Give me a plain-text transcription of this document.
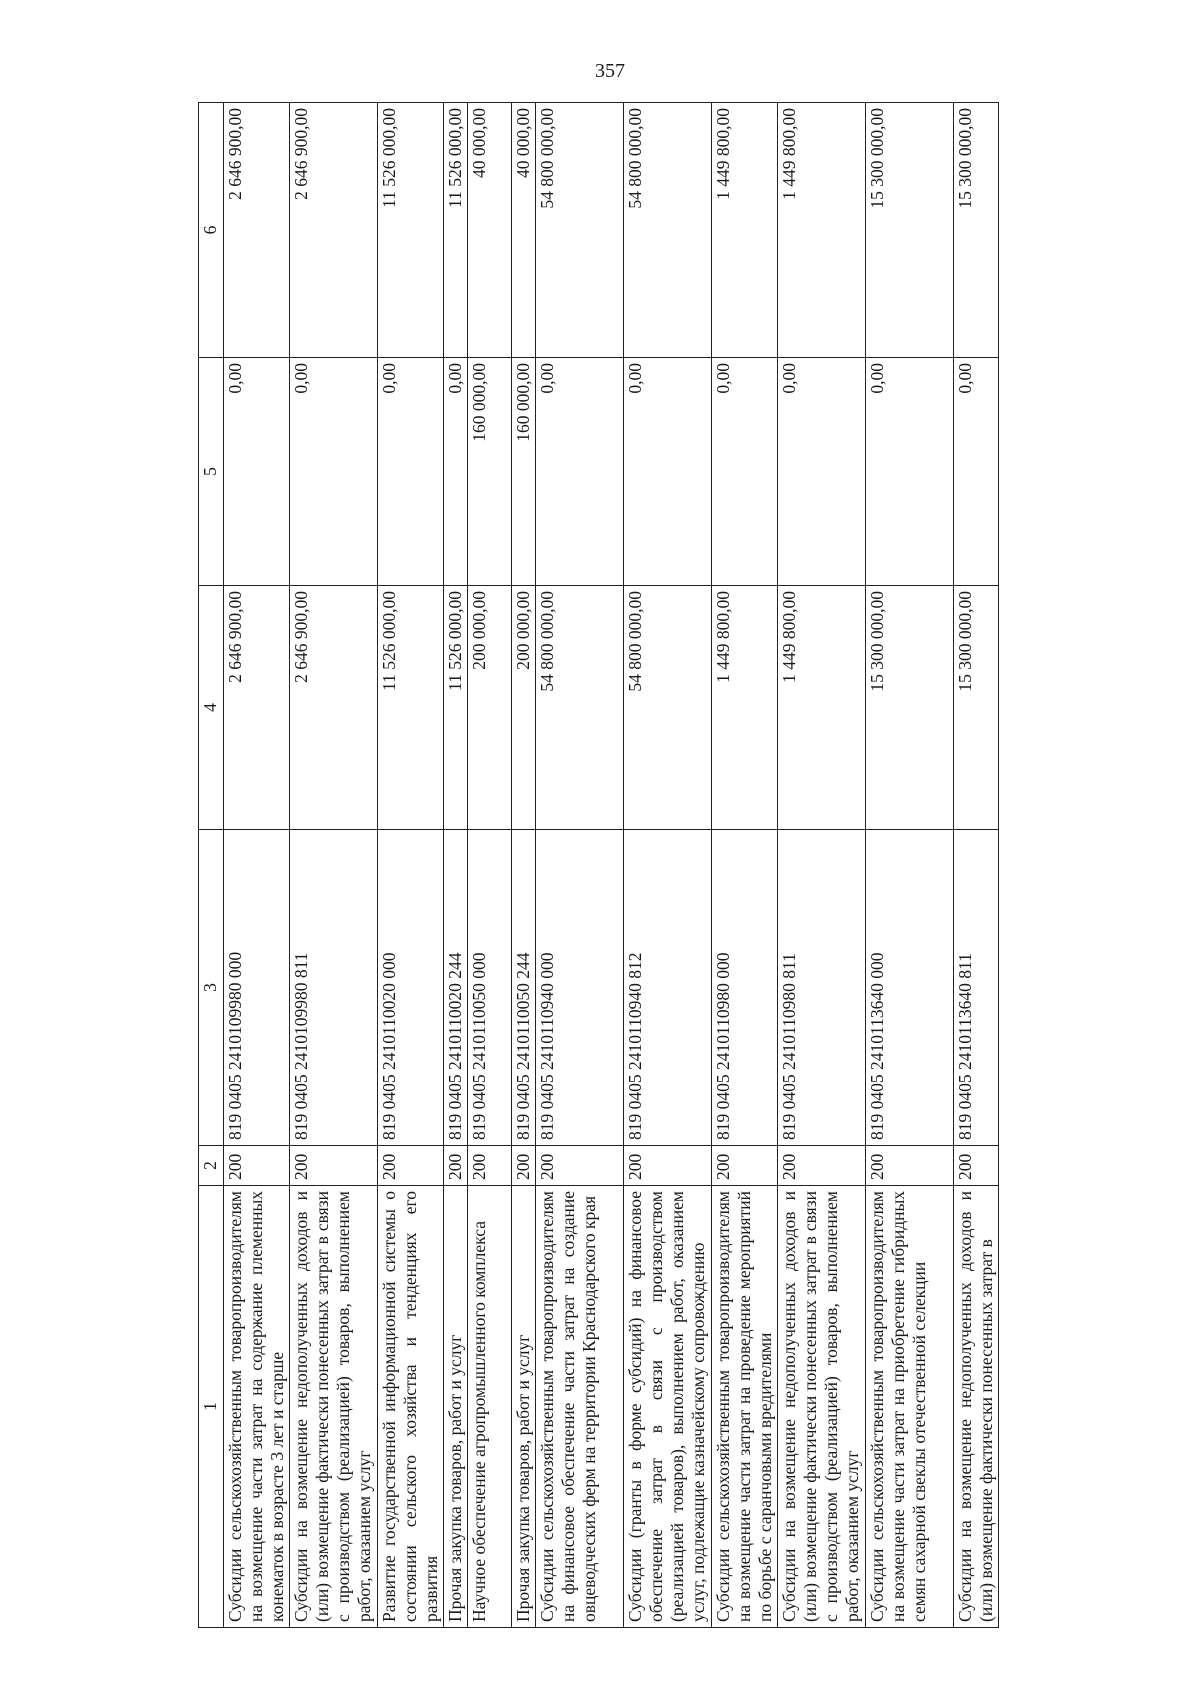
357
1	2	3	4	5	6
Субсидии сельскохозяйственным товаропроизводителям на возмещение части затрат на содержание племенных конематок в возрасте 3 лет и старше	200	819 0405 2410109980 000	2 646 900,00	0,00	2 646 900,00
Субсидии на возмещение недополученных доходов и (или) возмещение фактически понесенных затрат в связи с производством (реализацией) товаров, выполнением работ, оказанием услуг	200	819 0405 2410109980 811	2 646 900,00	0,00	2 646 900,00
Развитие государственной информационной системы о состоянии сельского хозяйства и тенденциях его развития	200	819 0405 2410110020 000	11 526 000,00	0,00	11 526 000,00
Прочая закупка товаров, работ и услуг	200	819 0405 2410110020 244	11 526 000,00	0,00	11 526 000,00
Научное обеспечение агропромышленного комплекса	200	819 0405 2410110050 000	200 000,00	160 000,00	40 000,00
Прочая закупка товаров, работ и услуг	200	819 0405 2410110050 244	200 000,00	160 000,00	40 000,00
Субсидии сельскохозяйственным товаропроизводителям на финансовое обеспечение части затрат на создание овцеводческих ферм на территории Краснодарского края	200	819 0405 2410110940 000	54 800 000,00	0,00	54 800 000,00
Субсидии (гранты в форме субсидий) на финансовое обеспечение затрат в связи с производством (реализацией товаров), выполнением работ, оказанием услуг, подлежащие казначейскому сопровождению	200	819 0405 2410110940 812	54 800 000,00	0,00	54 800 000,00
Субсидии сельскохозяйственным товаропроизводителям на возмещение части затрат на проведение мероприятий по борьбе с саранчовыми вредителями	200	819 0405 2410110980 000	1 449 800,00	0,00	1 449 800,00
Субсидии на возмещение недополученных доходов и (или) возмещение фактически понесенных затрат в связи с производством (реализацией) товаров, выполнением работ, оказанием услуг	200	819 0405 2410110980 811	1 449 800,00	0,00	1 449 800,00
Субсидии сельскохозяйственным товаропроизводителям на возмещение части затрат на приобретение гибридных семян сахарной свеклы отечественной селекции	200	819 0405 2410113640 000	15 300 000,00	0,00	15 300 000,00
Субсидии на возмещение недополученных доходов и (или) возмещение фактически понесенных затрат в	200	819 0405 2410113640 811	15 300 000,00	0,00	15 300 000,00
